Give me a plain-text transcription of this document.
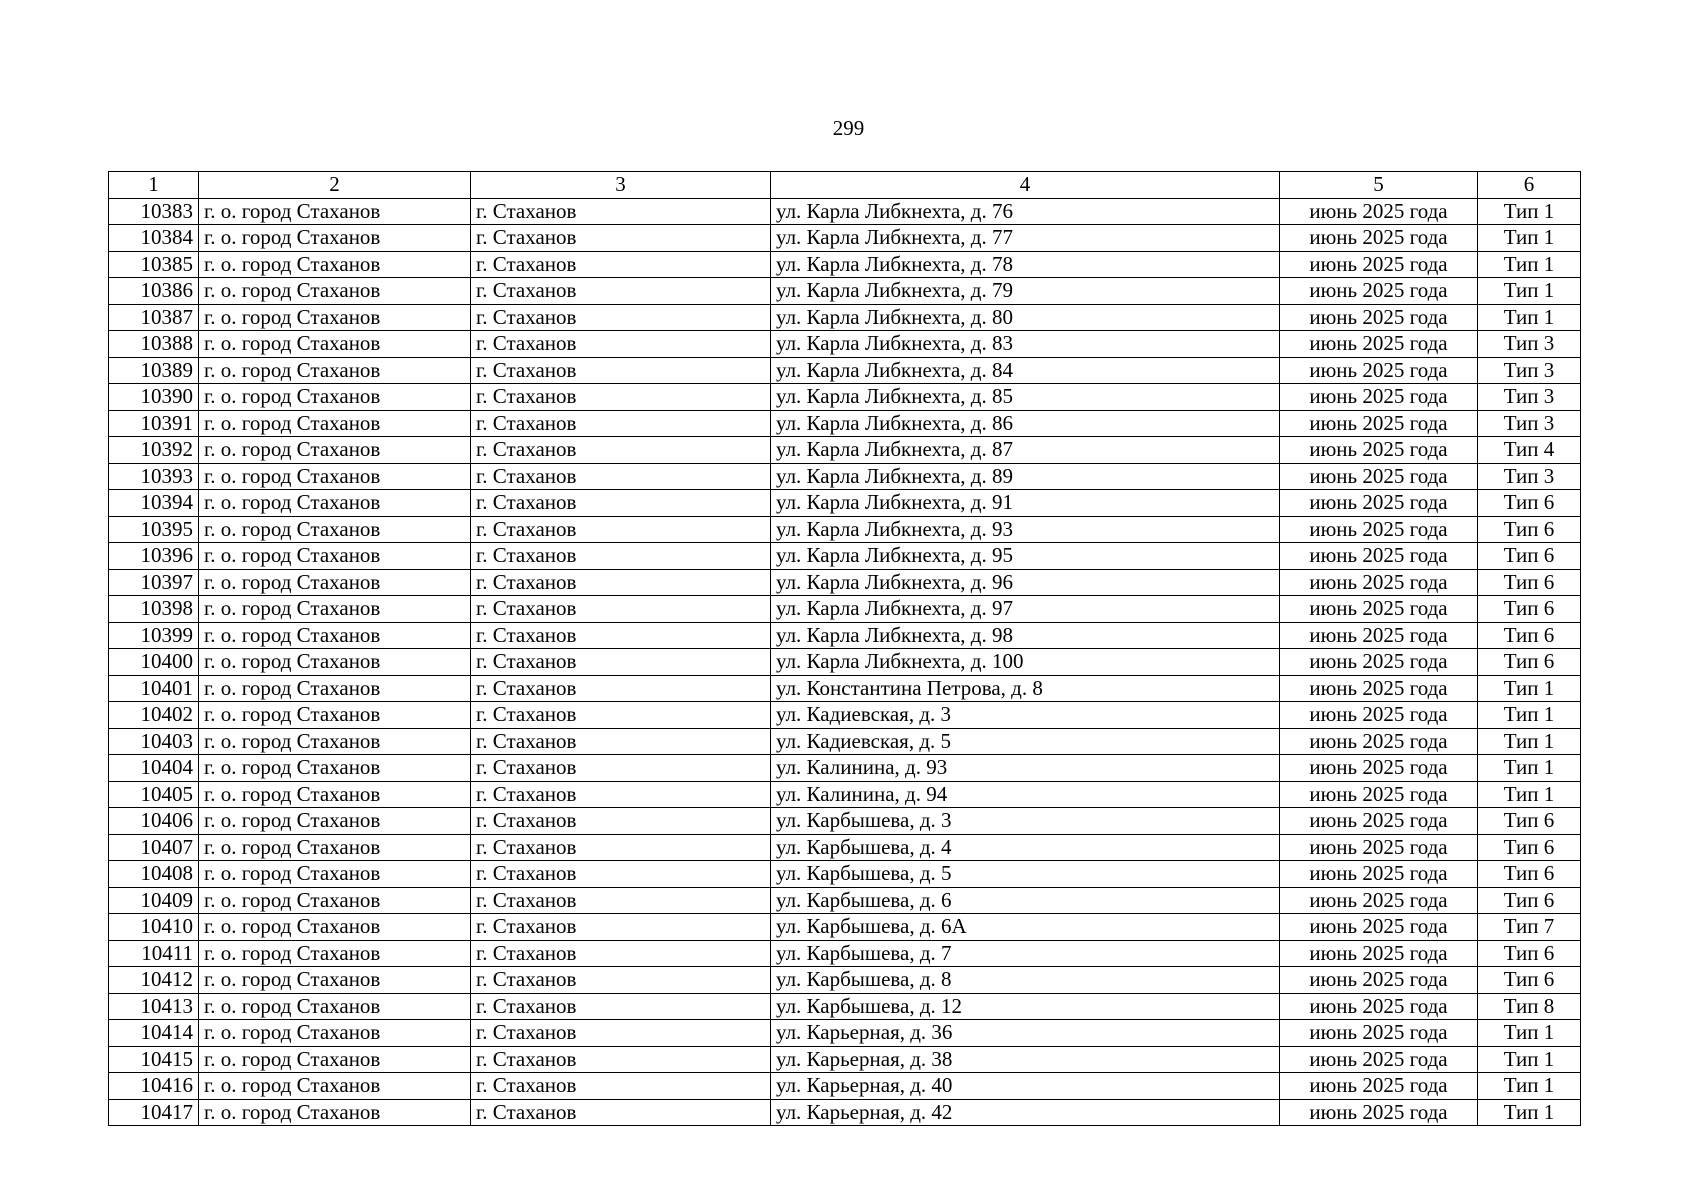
299
1	2	3	4	5	6
10383	г. о. город Стаханов	г. Стаханов	ул. Карла Либкнехта, д. 76	июнь 2025 года	Тип 1
10384	г. о. город Стаханов	г. Стаханов	ул. Карла Либкнехта, д. 77	июнь 2025 года	Тип 1
10385	г. о. город Стаханов	г. Стаханов	ул. Карла Либкнехта, д. 78	июнь 2025 года	Тип 1
10386	г. о. город Стаханов	г. Стаханов	ул. Карла Либкнехта, д. 79	июнь 2025 года	Тип 1
10387	г. о. город Стаханов	г. Стаханов	ул. Карла Либкнехта, д. 80	июнь 2025 года	Тип 1
10388	г. о. город Стаханов	г. Стаханов	ул. Карла Либкнехта, д. 83	июнь 2025 года	Тип 3
10389	г. о. город Стаханов	г. Стаханов	ул. Карла Либкнехта, д. 84	июнь 2025 года	Тип 3
10390	г. о. город Стаханов	г. Стаханов	ул. Карла Либкнехта, д. 85	июнь 2025 года	Тип 3
10391	г. о. город Стаханов	г. Стаханов	ул. Карла Либкнехта, д. 86	июнь 2025 года	Тип 3
10392	г. о. город Стаханов	г. Стаханов	ул. Карла Либкнехта, д. 87	июнь 2025 года	Тип 4
10393	г. о. город Стаханов	г. Стаханов	ул. Карла Либкнехта, д. 89	июнь 2025 года	Тип 3
10394	г. о. город Стаханов	г. Стаханов	ул. Карла Либкнехта, д. 91	июнь 2025 года	Тип 6
10395	г. о. город Стаханов	г. Стаханов	ул. Карла Либкнехта, д. 93	июнь 2025 года	Тип 6
10396	г. о. город Стаханов	г. Стаханов	ул. Карла Либкнехта, д. 95	июнь 2025 года	Тип 6
10397	г. о. город Стаханов	г. Стаханов	ул. Карла Либкнехта, д. 96	июнь 2025 года	Тип 6
10398	г. о. город Стаханов	г. Стаханов	ул. Карла Либкнехта, д. 97	июнь 2025 года	Тип 6
10399	г. о. город Стаханов	г. Стаханов	ул. Карла Либкнехта, д. 98	июнь 2025 года	Тип 6
10400	г. о. город Стаханов	г. Стаханов	ул. Карла Либкнехта, д. 100	июнь 2025 года	Тип 6
10401	г. о. город Стаханов	г. Стаханов	ул. Константина Петрова, д. 8	июнь 2025 года	Тип 1
10402	г. о. город Стаханов	г. Стаханов	ул. Кадиевская, д. 3	июнь 2025 года	Тип 1
10403	г. о. город Стаханов	г. Стаханов	ул. Кадиевская, д. 5	июнь 2025 года	Тип 1
10404	г. о. город Стаханов	г. Стаханов	ул. Калинина, д. 93	июнь 2025 года	Тип 1
10405	г. о. город Стаханов	г. Стаханов	ул. Калинина, д. 94	июнь 2025 года	Тип 1
10406	г. о. город Стаханов	г. Стаханов	ул. Карбышева, д. 3	июнь 2025 года	Тип 6
10407	г. о. город Стаханов	г. Стаханов	ул. Карбышева, д. 4	июнь 2025 года	Тип 6
10408	г. о. город Стаханов	г. Стаханов	ул. Карбышева, д. 5	июнь 2025 года	Тип 6
10409	г. о. город Стаханов	г. Стаханов	ул. Карбышева, д. 6	июнь 2025 года	Тип 6
10410	г. о. город Стаханов	г. Стаханов	ул. Карбышева, д. 6А	июнь 2025 года	Тип 7
10411	г. о. город Стаханов	г. Стаханов	ул. Карбышева, д. 7	июнь 2025 года	Тип 6
10412	г. о. город Стаханов	г. Стаханов	ул. Карбышева, д. 8	июнь 2025 года	Тип 6
10413	г. о. город Стаханов	г. Стаханов	ул. Карбышева, д. 12	июнь 2025 года	Тип 8
10414	г. о. город Стаханов	г. Стаханов	ул. Карьерная, д. 36	июнь 2025 года	Тип 1
10415	г. о. город Стаханов	г. Стаханов	ул. Карьерная, д. 38	июнь 2025 года	Тип 1
10416	г. о. город Стаханов	г. Стаханов	ул. Карьерная, д. 40	июнь 2025 года	Тип 1
10417	г. о. город Стаханов	г. Стаханов	ул. Карьерная, д. 42	июнь 2025 года	Тип 1
